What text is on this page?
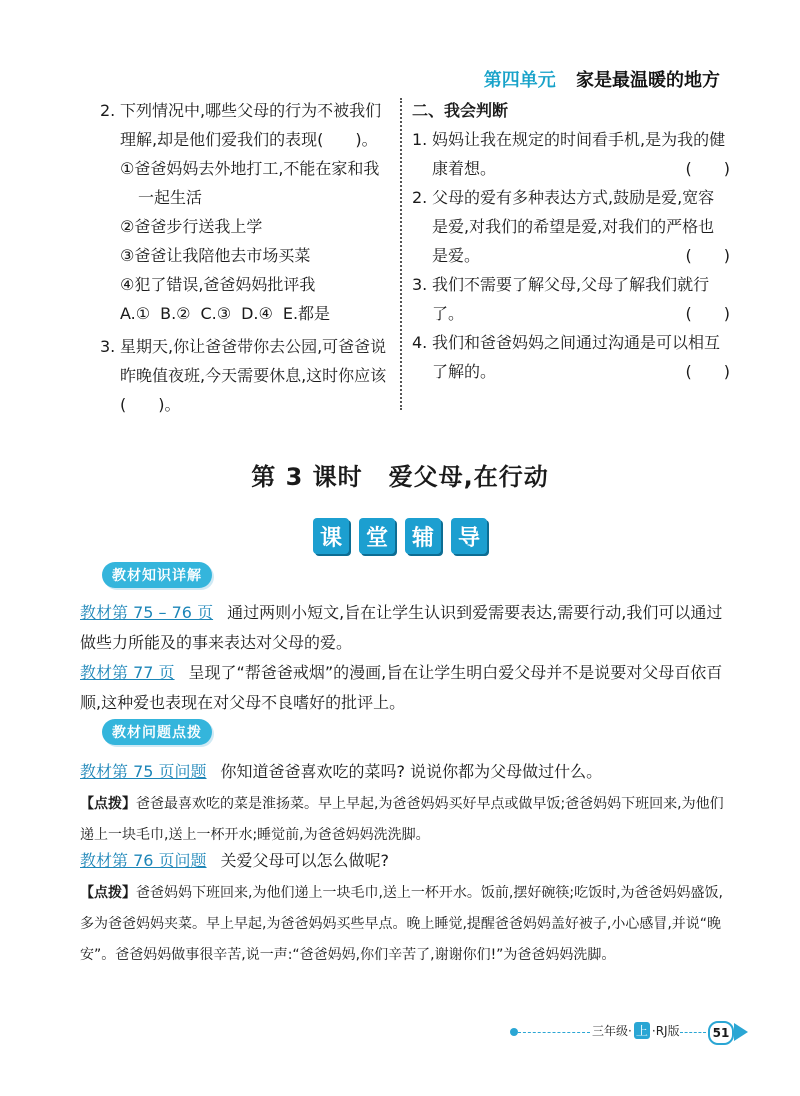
第四单元 家是最温暖的地方
2. 下列情况中,哪些父母的行为不被我们理解,却是他们爱我们的表现(　　)。
①爸爸妈妈去外地打工,不能在家和我
一起生活
②爸爸步行送我上学
③爸爸让我陪他去市场买菜
④犯了错误,爸爸妈妈批评我
A.① B.② C.③ D.④ E.都是
3. 星期天,你让爸爸带你去公园,可爸爸说昨晚值夜班,今天需要休息,这时你应该(　　)。
二、我会判断
1. 妈妈让我在规定的时间看手机,是为我的健康着想。	(　　)
2. 父母的爱有多种表达方式,鼓励是爱,宽容是爱,对我们的希望是爱,对我们的严格也是爱。	(　　)
3. 我们不需要了解父母,父母了解我们就行了。	(　　)
4. 我们和爸爸妈妈之间通过沟通是可以相互了解的。	(　　)
第 3 课时 爱父母,在行动
课	堂	辅	导
教材知识详解
教材第 75 – 76 页 通过两则小短文,旨在让学生认识到爱需要表达,需要行动,我们可以通过做些力所能及的事来表达对父母的爱。
教材第 77 页 呈现了“帮爸爸戒烟”的漫画,旨在让学生明白爱父母并不是说要对父母百依百顺,这种爱也表现在对父母不良嗜好的批评上。
教材问题点拨
教材第 75 页问题 你知道爸爸喜欢吃的菜吗? 说说你都为父母做过什么。
【点拨】爸爸最喜欢吃的菜是淮扬菜。早上早起,为爸爸妈妈买好早点或做早饭;爸爸妈妈下班回来,为他们递上一块毛巾,送上一杯开水;睡觉前,为爸爸妈妈洗洗脚。
教材第 76 页问题 关爱父母可以怎么做呢?
【点拨】爸爸妈妈下班回来,为他们递上一块毛巾,送上一杯开水。饭前,摆好碗筷;吃饭时,为爸爸妈妈盛饭,多为爸爸妈妈夹菜。早上早起,为爸爸妈妈买些早点。晚上睡觉,提醒爸爸妈妈盖好被子,小心感冒,并说“晚安”。爸爸妈妈做事很辛苦,说一声:“爸爸妈妈,你们辛苦了,谢谢你们!”为爸爸妈妈洗脚。
三年级· 上 ·RJ版	51
